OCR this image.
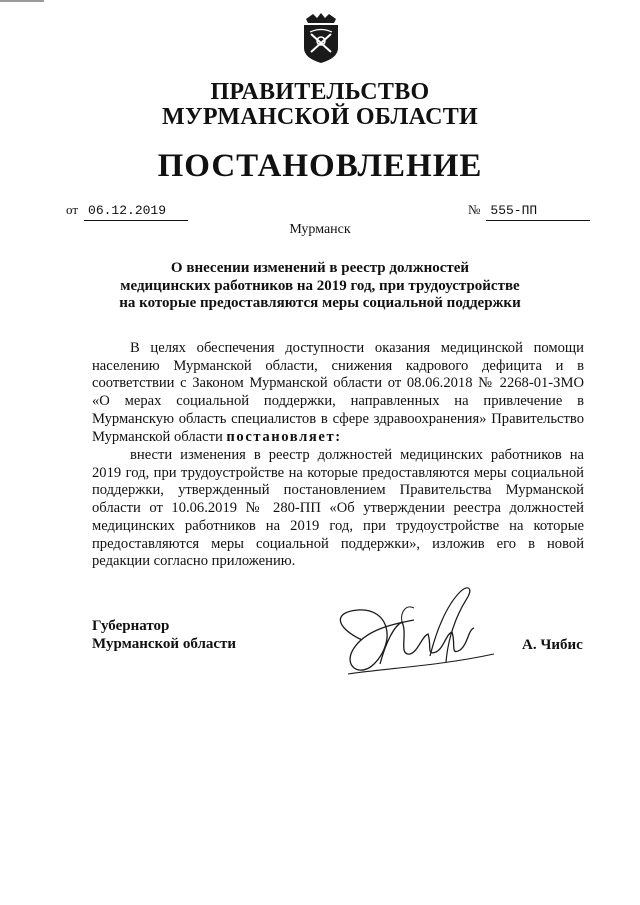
ПРАВИТЕЛЬСТВО
МУРМАНСКОЙ ОБЛАСТИ
ПОСТАНОВЛЕНИЕ
от 06.12.2019	№ 555-ПП
Мурманск
О внесении изменений в реестр должностей
медицинских работников на 2019 год, при трудоустройстве
на которые предоставляются меры социальной поддержки
В целях обеспечения доступности оказания медицинской помощи населению Мурманской области, снижения кадрового дефицита и в соответствии с Законом Мурманской области от 08.06.2018 № 2268-01-ЗМО «О мерах социальной поддержки, направленных на привлечение в Мурманскую область специалистов в сфере здравоохранения» Правительство Мурманской области постановляет:
внести изменения в реестр должностей медицинских работников на 2019 год, при трудоустройстве на которые предоставляются меры социальной поддержки, утвержденный постановлением Правительства Мурманской области от 10.06.2019 № 280-ПП «Об утверждении реестра должностей медицинских работников на 2019 год, при трудоустройстве на которые предоставляются меры социальной поддержки», изложив его в новой редакции согласно приложению.
Губернатор
Мурманской области	А. Чибис
